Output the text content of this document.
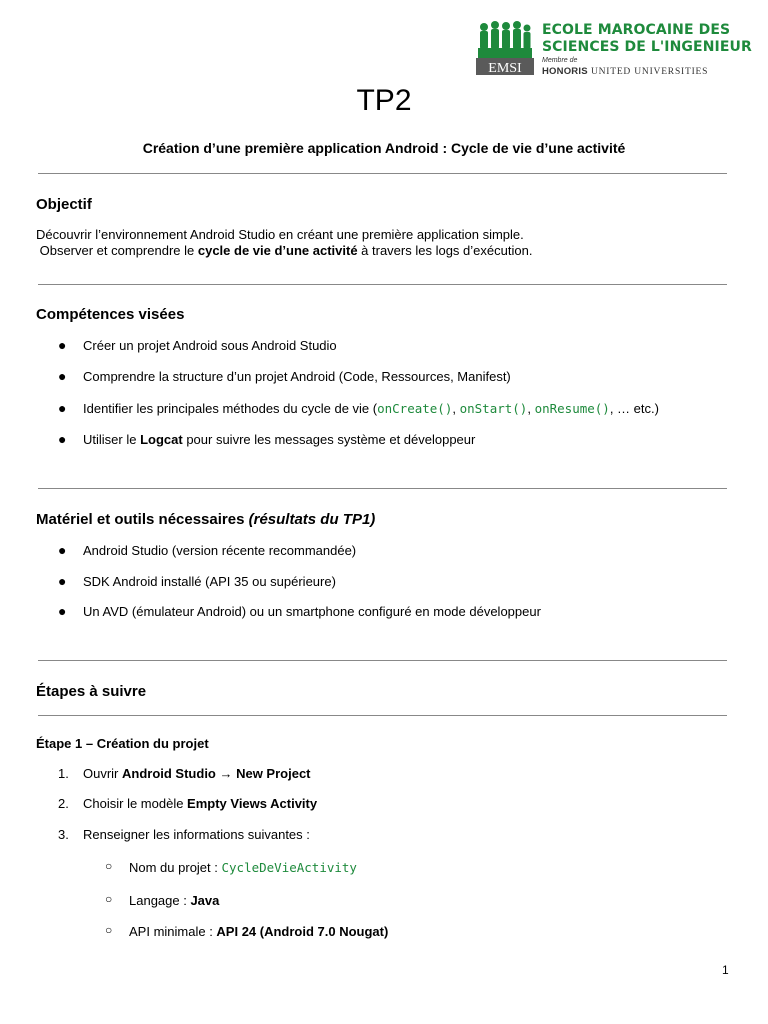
EMSI
ECOLE MAROCAINE DES
SCIENCES DE L'INGENIEUR
Membre de
HONORIS UNITED UNIVERSITIES
TP2
Création d’une première application Android : Cycle de vie d’une activité
Objectif
Découvrir l’environnement Android Studio en créant une première application simple.
Observer et comprendre le cycle de vie d’une activité à travers les logs d’exécution.
Compétences visées
● Créer un projet Android sous Android Studio
● Comprendre la structure d’un projet Android (Code, Ressources, Manifest)
● Identifier les principales méthodes du cycle de vie (onCreate(), onStart(), onResume(), … etc.)
● Utiliser le Logcat pour suivre les messages système et développeur
Matériel et outils nécessaires (résultats du TP1)
● Android Studio (version récente recommandée)
● SDK Android installé (API 35 ou supérieure)
● Un AVD (émulateur Android) ou un smartphone configuré en mode développeur
Étapes à suivre
Étape 1 – Création du projet
1. Ouvrir Android Studio → New Project
2. Choisir le modèle Empty Views Activity
3. Renseigner les informations suivantes :
○ Nom du projet : CycleDeVieActivity
○ Langage : Java
○ API minimale : API 24 (Android 7.0 Nougat)
1
